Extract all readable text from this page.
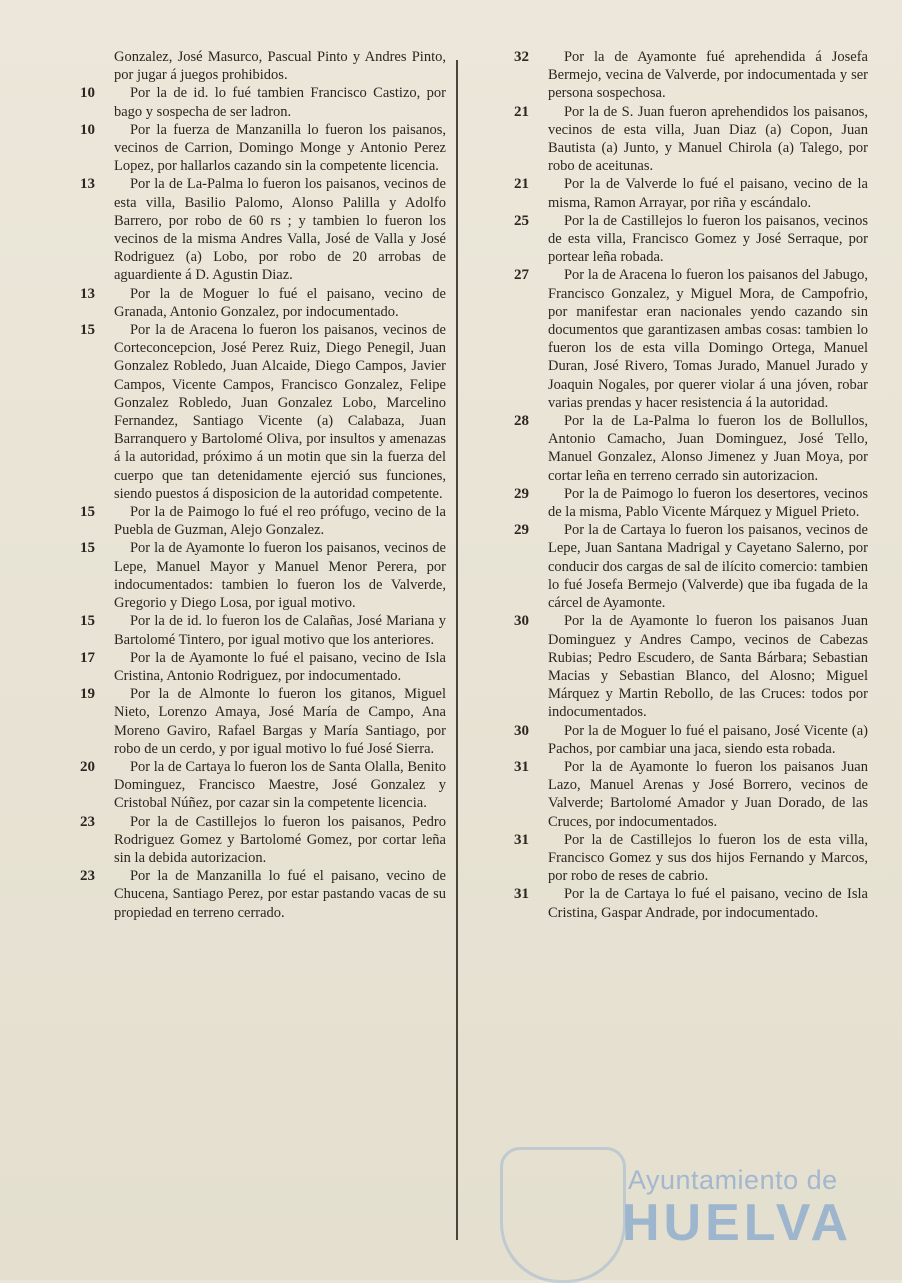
Gonzalez, José Masurco, Pascual Pinto y Andres Pinto, por jugar á juegos prohibidos.
10	Por la de id. lo fué tambien Francisco Castizo, por bago y sospecha de ser ladron.
10	Por la fuerza de Manzanilla lo fueron los paisanos, vecinos de Carrion, Domingo Monge y Antonio Perez Lopez, por hallarlos cazando sin la competente licencia.
13	Por la de La-Palma lo fueron los paisanos, vecinos de esta villa, Basilio Palomo, Alonso Palilla y Adolfo Barrero, por robo de 60 rs ; y tambien lo fueron los vecinos de la misma Andres Valla, José de Valla y José Rodriguez (a) Lobo, por robo de 20 arrobas de aguardiente á D. Agustin Diaz.
13	Por la de Moguer lo fué el paisano, vecino de Granada, Antonio Gonzalez, por indocumentado.
15	Por la de Aracena lo fueron los paisanos, vecinos de Corteconcepcion, José Perez Ruiz, Diego Penegil, Juan Gonzalez Robledo, Juan Alcaide, Diego Campos, Javier Campos, Vicente Campos, Francisco Gonzalez, Felipe Gonzalez Robledo, Juan Gonzalez Lobo, Marcelino Fernandez, Santiago Vicente (a) Calabaza, Juan Barranquero y Bartolomé Oliva, por insultos y amenazas á la autoridad, próximo á un motin que sin la fuerza del cuerpo que tan detenidamente ejerció sus funciones, siendo puestos á disposicion de la autoridad competente.
15	Por la de Paimogo lo fué el reo prófugo, vecino de la Puebla de Guzman, Alejo Gonzalez.
15	Por la de Ayamonte lo fueron los paisanos, vecinos de Lepe, Manuel Mayor y Manuel Menor Perera, por indocumentados: tambien lo fueron los de Valverde, Gregorio y Diego Losa, por igual motivo.
15	Por la de id. lo fueron los de Calañas, José Mariana y Bartolomé Tintero, por igual motivo que los anteriores.
17	Por la de Ayamonte lo fué el paisano, vecino de Isla Cristina, Antonio Rodriguez, por indocumentado.
19	Por la de Almonte lo fueron los gitanos, Miguel Nieto, Lorenzo Amaya, José María de Campo, Ana Moreno Gaviro, Rafael Bargas y María Santiago, por robo de un cerdo, y por igual motivo lo fué José Sierra.
20	Por la de Cartaya lo fueron los de Santa Olalla, Benito Dominguez, Francisco Maestre, José Gonzalez y Cristobal Núñez, por cazar sin la competente licencia.
23	Por la de Castillejos lo fueron los paisanos, Pedro Rodriguez Gomez y Bartolomé Gomez, por cortar leña sin la debida autorizacion.
23	Por la de Manzanilla lo fué el paisano, vecino de Chucena, Santiago Perez, por estar pastando vacas de su propiedad en terreno cerrado.
32	Por la de Ayamonte fué aprehendida á Josefa Bermejo, vecina de Valverde, por indocumentada y ser persona sospechosa.
21	Por la de S. Juan fueron aprehendidos los paisanos, vecinos de esta villa, Juan Diaz (a) Copon, Juan Bautista (a) Junto, y Manuel Chirola (a) Talego, por robo de aceitunas.
21	Por la de Valverde lo fué el paisano, vecino de la misma, Ramon Arrayar, por riña y escándalo.
25	Por la de Castillejos lo fueron los paisanos, vecinos de esta villa, Francisco Gomez y José Serraque, por portear leña robada.
27	Por la de Aracena lo fueron los paisanos del Jabugo, Francisco Gonzalez, y Miguel Mora, de Campofrio, por manifestar eran nacionales yendo cazando sin documentos que garantizasen ambas cosas: tambien lo fueron los de esta villa Domingo Ortega, Manuel Duran, José Rivero, Tomas Jurado, Manuel Jurado y Joaquin Nogales, por querer violar á una jóven, robar varias prendas y hacer resistencia á la autoridad.
28	Por la de La-Palma lo fueron los de Bollullos, Antonio Camacho, Juan Dominguez, José Tello, Manuel Gonzalez, Alonso Jimenez y Juan Moya, por cortar leña en terreno cerrado sin autorizacion.
29	Por la de Paimogo lo fueron los desertores, vecinos de la misma, Pablo Vicente Márquez y Miguel Prieto.
29	Por la de Cartaya lo fueron los paisanos, vecinos de Lepe, Juan Santana Madrigal y Cayetano Salerno, por conducir dos cargas de sal de ilícito comercio: tambien lo fué Josefa Bermejo (Valverde) que iba fugada de la cárcel de Ayamonte.
30	Por la de Ayamonte lo fueron los paisanos Juan Dominguez y Andres Campo, vecinos de Cabezas Rubias; Pedro Escudero, de Santa Bárbara; Sebastian Macias y Sebastian Blanco, del Alosno; Miguel Márquez y Martin Rebollo, de las Cruces: todos por indocumentados.
30	Por la de Moguer lo fué el paisano, José Vicente (a) Pachos, por cambiar una jaca, siendo esta robada.
31	Por la de Ayamonte lo fueron los paisanos Juan Lazo, Manuel Arenas y José Borrero, vecinos de Valverde; Bartolomé Amador y Juan Dorado, de las Cruces, por indocumentados.
31	Por la de Castillejos lo fueron los de esta villa, Francisco Gomez y sus dos hijos Fernando y Marcos, por robo de reses de cabrio.
31	Por la de Cartaya lo fué el paisano, vecino de Isla Cristina, Gaspar Andrade, por indocumentado.
Ayuntamiento de
HUELVA
